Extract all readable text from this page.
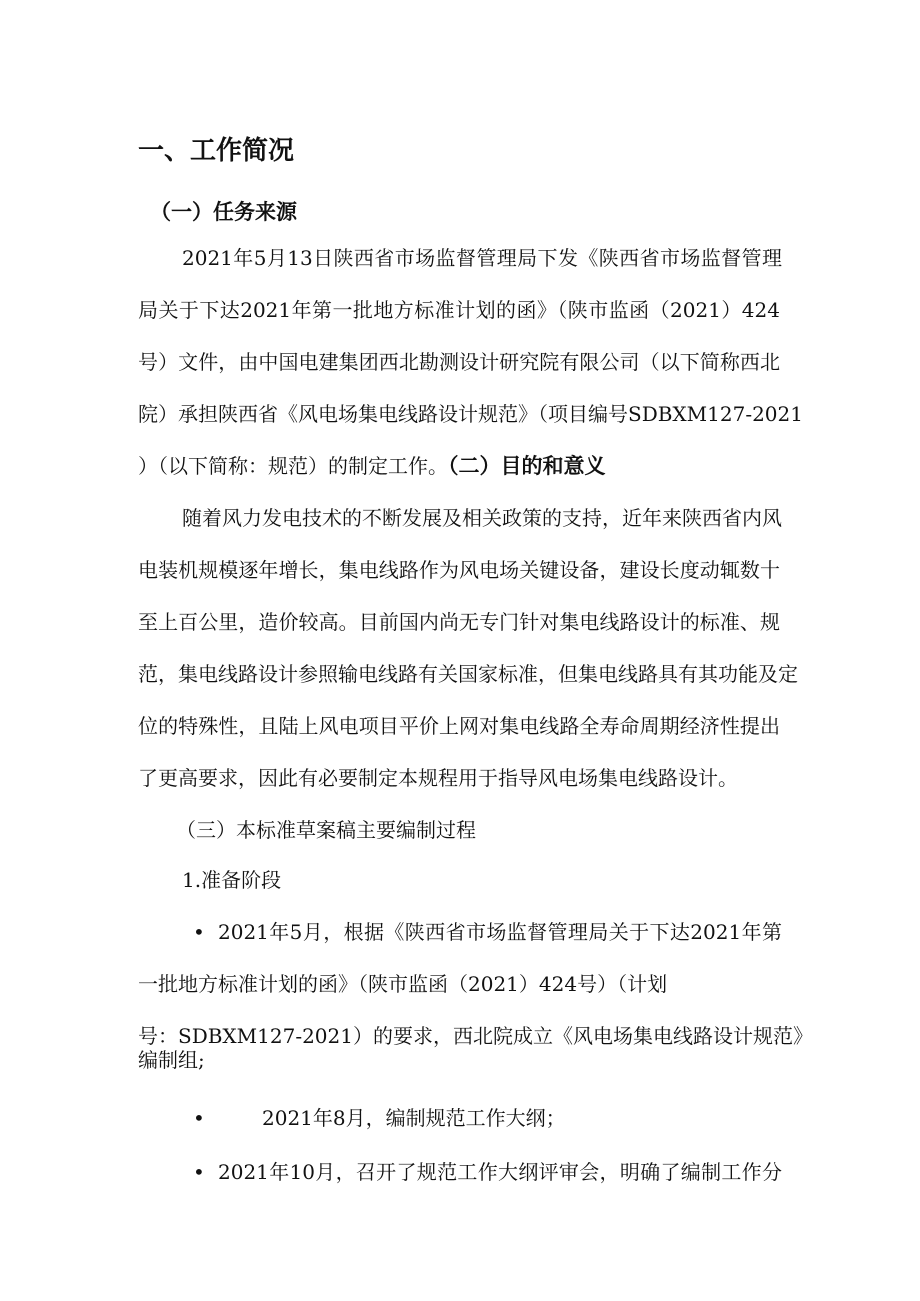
一、工作简况
（一）任务来源
2021年5月13日陕西省市场监督管理局下发《陕西省市场监督管理
局关于下达2021年第一批地方标准计划的函》（陕市监函（2021）424
号）文件，由中国电建集团西北勘测设计研究院有限公司（以下简称西北
院）承担陕西省《风电场集电线路设计规范》（项目编号SDBXM127-2021
）（以下简称：规范）的制定工作。（二）目的和意义
随着风力发电技术的不断发展及相关政策的支持，近年来陕西省内风
电装机规模逐年增长，集电线路作为风电场关键设备，建设长度动辄数十
至上百公里，造价较高。目前国内尚无专门针对集电线路设计的标准、规
范，集电线路设计参照输电线路有关国家标准，但集电线路具有其功能及定
位的特殊性，且陆上风电项目平价上网对集电线路全寿命周期经济性提出
了更高要求，因此有必要制定本规程用于指导风电场集电线路设计。
（三）本标准草案稿主要编制过程
1.准备阶段
• 2021年5月，根据《陕西省市场监督管理局关于下达2021年第
一批地方标准计划的函》（陕市监函（2021）424号）（计划
号：SDBXM127-2021）的要求，西北院成立《风电场集电线路设计规范》
编制组;
•	2021年8月，编制规范工作大纲；
• 2021年10月，召开了规范工作大纲评审会，明确了编制工作分
